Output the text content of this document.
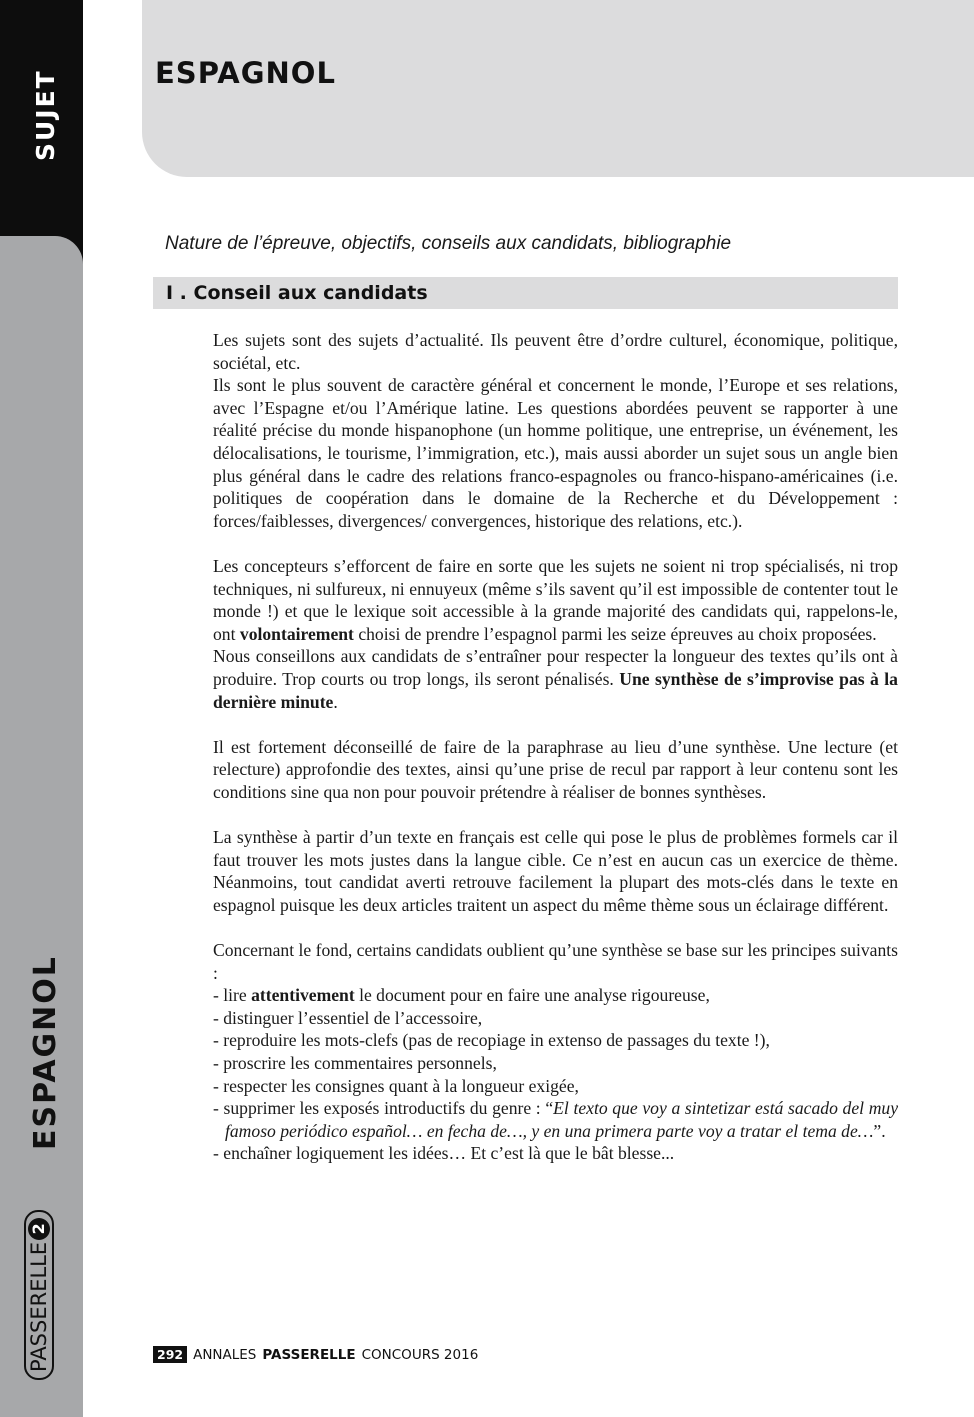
SUJET
ESPAGNOL
PASSERELLE
2
ESPAGNOL

Nature de l’épreuve, objectifs, conseils aux candidats, bibliographie

I . Conseil aux candidats

Les sujets sont des sujets d’actualité. Ils peuvent être d’ordre culturel, économique, politique, sociétal, etc.

Ils sont le plus souvent de caractère général et concernent le monde, l’Europe et ses relations, avec l’Espagne et/ou l’Amérique latine. Les questions abordées peuvent se rapporter à une réalité précise du monde hispanophone (un homme politique, une entreprise, un événement, les délocalisations, le tourisme, l’immigration, etc.), mais aussi aborder un sujet sous un angle bien plus général dans le cadre des relations franco-espagnoles ou franco-hispano-américaines (i.e. politiques de coopération dans le domaine de la Recherche et du Développement : forces/faiblesses, divergences/ convergences, historique des relations, etc.).

Les concepteurs s’efforcent de faire en sorte que les sujets ne soient ni trop spécialisés, ni trop techniques, ni sulfureux, ni ennuyeux (même s’ils savent qu’il est impossible de contenter tout le monde !) et que le lexique soit accessible à la grande majorité des candidats qui, rappelons-le, ont volontairement choisi de prendre l’espagnol parmi les seize épreuves au choix proposées.

Nous conseillons aux candidats de s’entraîner pour respecter la longueur des textes qu’ils ont à produire. Trop courts ou trop longs, ils seront pénalisés. Une synthèse de s’improvise pas à la dernière minute.

Il est fortement déconseillé de faire de la paraphrase au lieu d’une synthèse. Une lecture (et relecture) approfondie des textes, ainsi qu’une prise de recul par rapport à leur contenu sont les conditions sine qua non pour pouvoir prétendre à réaliser de bonnes synthèses.

La synthèse à partir d’un texte en français est celle qui pose le plus de problèmes formels car il faut trouver les mots justes dans la langue cible. Ce n’est en aucun cas un exercice de thème. Néanmoins, tout candidat averti retrouve facilement la plupart des mots-clés dans le texte en espagnol puisque les deux articles traitent un aspect du même thème sous un éclairage différent.

Concernant le fond, certains candidats oublient qu’une synthèse se base sur les principes suivants :

- lire attentivement le document pour en faire une analyse rigoureuse,
- distinguer l’essentiel de l’accessoire,
- reproduire les mots-clefs (pas de recopiage in extenso de passages du texte !),
- proscrire les commentaires personnels,
- respecter les consignes quant à la longueur exigée,
- supprimer les exposés introductifs du genre : “El texto que voy a sintetizar está sacado del muy famoso periódico español… en fecha de…, y en una primera parte voy a tratar el tema de…”.
- enchaîner logiquement les idées… Et c’est là que le bât blesse...
292 ANNALES PASSERELLE CONCOURS 2016
